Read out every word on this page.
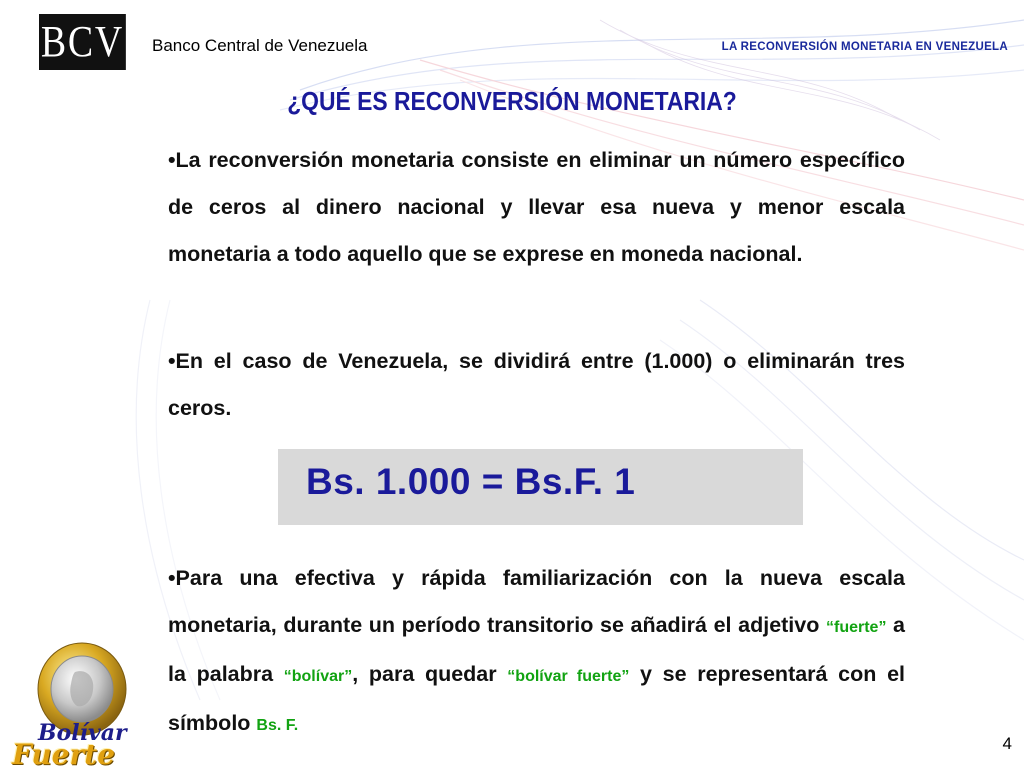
BCV Banco Central de Venezuela	LA RECONVERSIÓN MONETARIA EN VENEZUELA
¿QUÉ ES RECONVERSIÓN MONETARIA?
•La reconversión monetaria consiste en eliminar un número específico de ceros al dinero nacional y llevar esa nueva y menor escala monetaria a todo aquello que se exprese en moneda nacional.
•En el caso de Venezuela, se dividirá entre (1.000) o eliminarán tres ceros.
Bs. 1.000 = Bs.F. 1
•Para una efectiva y rápida familiarización con la nueva escala monetaria, durante un período transitorio se añadirá el adjetivo “fuerte” a la palabra “bolívar”, para quedar “bolívar fuerte” y se representará con el símbolo Bs. F.
Bolívar
Fuerte	4
